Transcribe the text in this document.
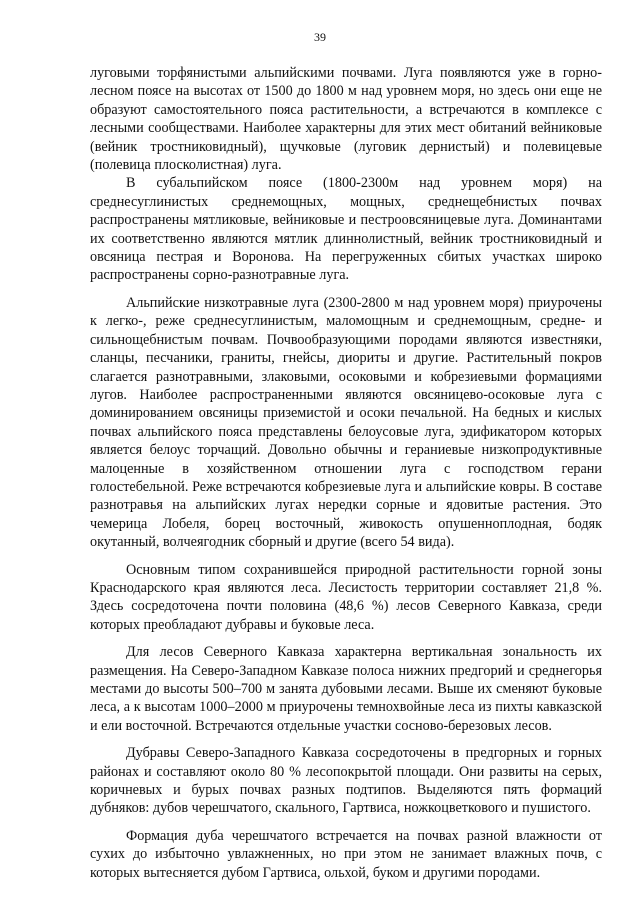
39

луговыми торфянистыми альпийскими почвами. Луга появляются уже в горно-лесном поясе на высотах от 1500 до 1800 м над уровнем моря, но здесь они еще не образуют самостоятельного пояса растительности, а встречаются в комплексе с лесными сообществами. Наиболее характерны для этих мест обитаний вейниковые (вейник тростниковидный), щучковые (луговик дернистый) и полевицевые (полевица плосколистная) луга.

В субальпийском поясе (1800-2300м над уровнем моря) на среднесуглинистых среднемощных, мощных, среднещебнистых почвах распространены мятликовые, вейниковые и пестроовсяницевые луга. Доминантами их соответственно являются мятлик длиннолистный, вейник тростниковидный и овсяница пестрая и Воронова. На перегруженных сбитых участках широко распространены сорно-разнотравные луга.

Альпийские низкотравные луга (2300-2800 м над уровнем моря) приурочены к легко-, реже среднесуглинистым, маломощным и среднемощным, средне- и сильнощебнистым почвам. Почвообразующими породами являются известняки, сланцы, песчаники, граниты, гнейсы, диориты и другие. Растительный покров слагается разнотравными, злаковыми, осоковыми и кобрезиевыми формациями лугов. Наиболее распространенными являются овсяницево-осоковые луга с доминированием овсяницы приземистой и осоки печальной. На бедных и кислых почвах альпийского пояса представлены белоусовые луга, эдификатором которых является белоус торчащий. Довольно обычны и гераниевые низкопродуктивные малоценные в хозяйственном отношении луга с господством герани голостебельной. Реже встречаются кобрезиевые луга и альпийские ковры. В составе разнотравья на альпийских лугах нередки сорные и ядовитые растения. Это чемерица Лобеля, борец восточный, живокость опушеннoплодная, бодяк окутанный, волчеягодник сборный и другие (всего 54 вида).

Основным типом сохранившейся природной растительности горной зоны Краснодарского края являются леса. Лесистость территории составляет 21,8 %. Здесь сосредоточена почти половина (48,6 %) лесов Северного Кавказа, среди которых преобладают дубравы и буковые леса.

Для лесов Северного Кавказа характерна вертикальная зональность их размещения. На Северо-Западном Кавказе полоса нижних предгорий и среднегорья местами до высоты 500–700 м занята дубовыми лесами. Выше их сменяют буковые леса, а к высотам 1000–2000 м приурочены темнохвойные леса из пихты кавказской и ели восточной. Встречаются отдельные участки сосново-березовых лесов.

Дубравы Северо-Западного Кавказа сосредоточены в предгорных и горных районах и составляют около 80 % лесопокрытой площади. Они развиты на серых, коричневых и бурых почвах разных подтипов. Выделяются пять формаций дубняков: дубов черешчатого, скального, Гартвиса, ножкоцветкового и пушистого.

Формация дуба черешчатого встречается на почвах разной влажности от сухих до избыточно увлажненных, но при этом не занимает влажных почв, с которых вытесняется дубом Гартвиса, ольхой, буком и другими породами.
